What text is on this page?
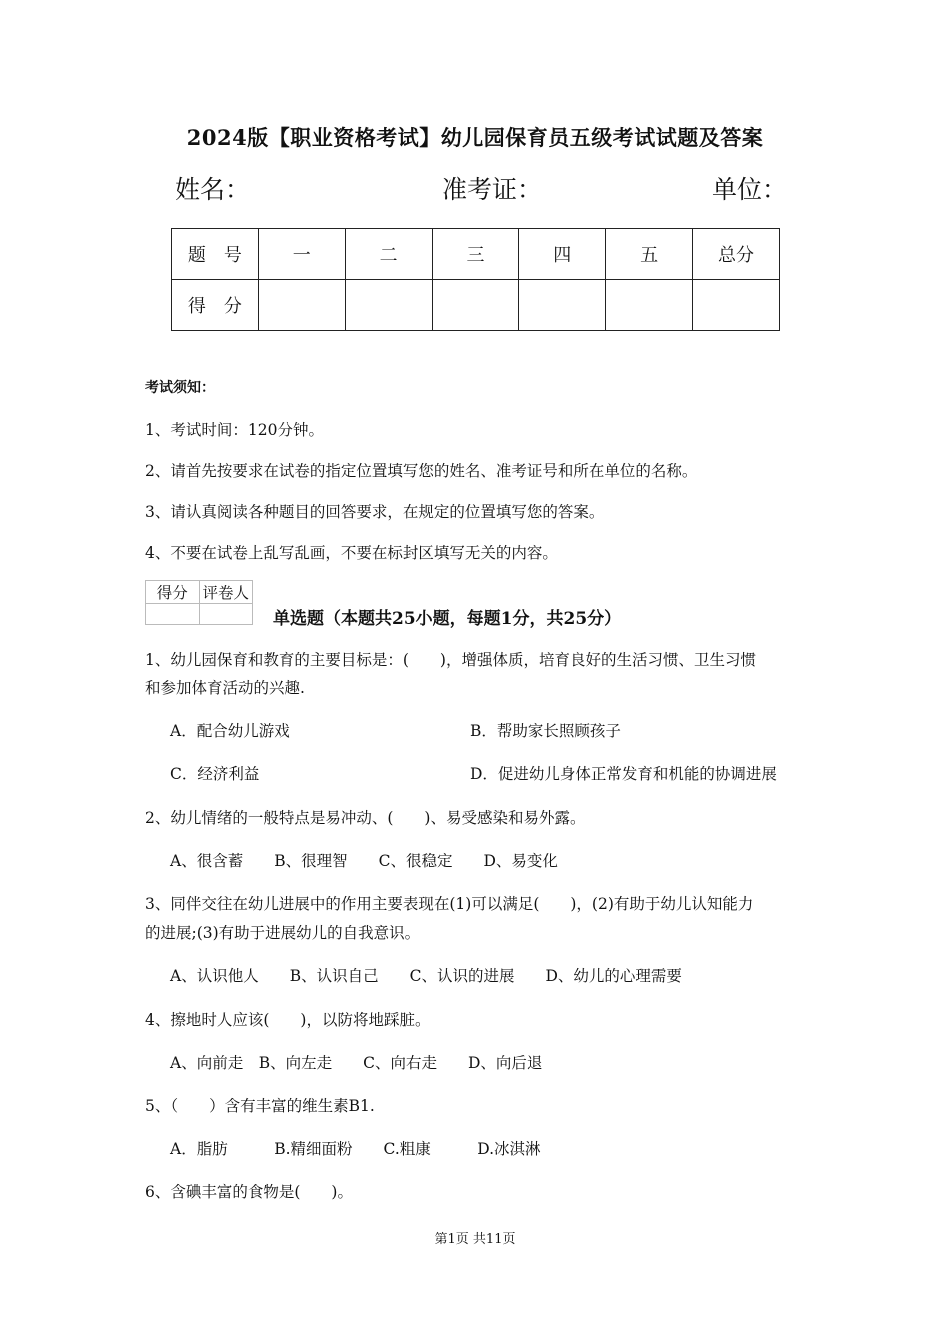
2024版【职业资格考试】幼儿园保育员五级考试试题及答案
姓名：	准考证：	单位：
题　号	一	二	三	四	五	总分
得　分						
考试须知：
1、考试时间：120分钟。
2、请首先按要求在试卷的指定位置填写您的姓名、准考证号和所在单位的名称。
3、请认真阅读各种题目的回答要求，在规定的位置填写您的答案。
4、不要在试卷上乱写乱画，不要在标封区填写无关的内容。
得分	评卷人

单选题（本题共25小题，每题1分，共25分）
1、幼儿园保育和教育的主要目标是：(　　)，增强体质，培育良好的生活习惯、卫生习惯
和参加体育活动的兴趣.
A．配合幼儿游戏	B．帮助家长照顾孩子
C．经济利益	D．促进幼儿身体正常发育和机能的协调进展
2、幼儿情绪的一般特点是易冲动、(　　)、易受感染和易外露。
A、很含蓄　　B、很理智　　C、很稳定　　D、易变化
3、同伴交往在幼儿进展中的作用主要表现在(1)可以满足(　　)，(2)有助于幼儿认知能力
的进展;(3)有助于进展幼儿的自我意识。
A、认识他人　　B、认识自己　　C、认识的进展　　D、幼儿的心理需要
4、擦地时人应该(　　)，以防将地踩脏。
A、向前走　B、向左走　　C、向右走　　D、向后退
5、（　　）含有丰富的维生素B1.
A．脂肪　　　B.精细面粉　　C.粗康　　　D.冰淇淋
6、含碘丰富的食物是(　　)。
第1页 共11页
